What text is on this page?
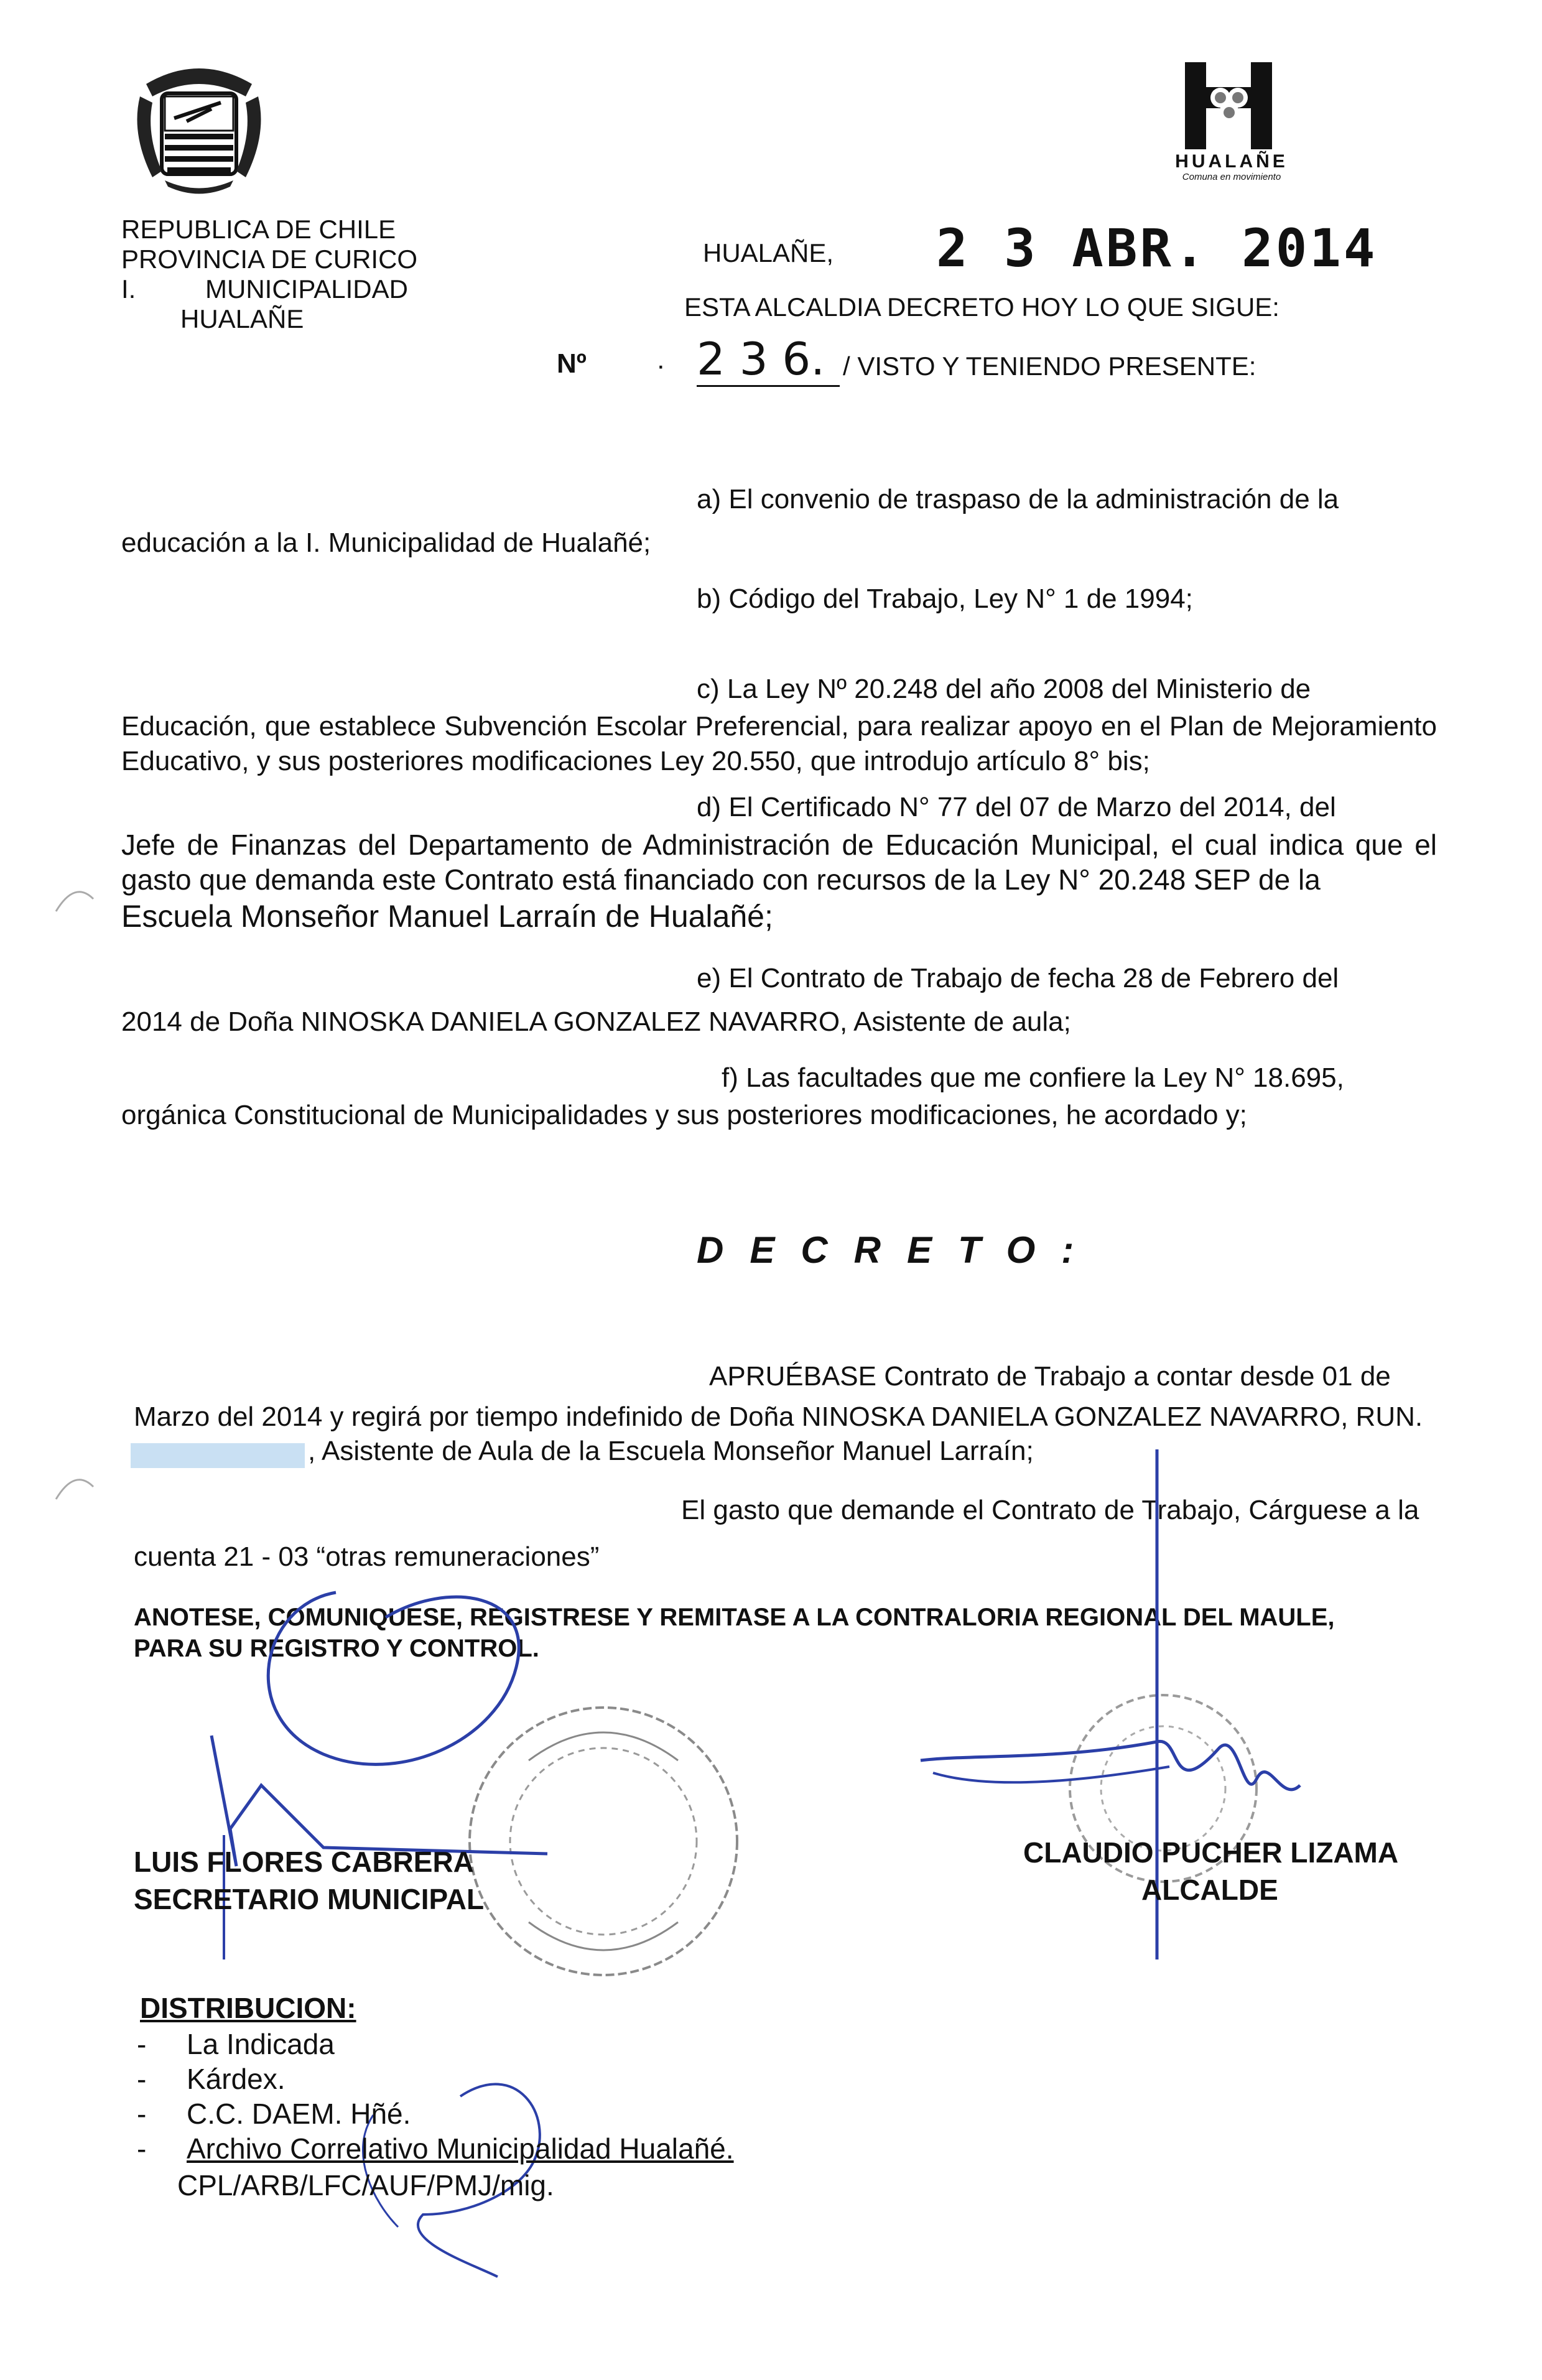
HUALAÑE
Comuna en movimiento
REPUBLICA DE CHILE
PROVINCIA DE CURICO
I.	MUNICIPALIDAD
HUALAÑE
HUALAÑE, 2 3 ABR. 2014
ESTA ALCALDIA DECRETO HOY LO QUE SIGUE:
Nº	· 2 3 6. / VISTO Y TENIENDO PRESENTE:
a) El convenio de traspaso de la administración de la
educación a la I. Municipalidad de Hualañé;
b) Código del Trabajo, Ley N° 1 de 1994;
c) La Ley Nº 20.248 del año 2008 del Ministerio de
Educación, que establece Subvención Escolar Preferencial, para realizar apoyo en el Plan de Mejoramiento Educativo, y sus posteriores modificaciones Ley 20.550, que introdujo artículo 8° bis;
d) El Certificado N° 77 del 07 de Marzo del 2014, del
Jefe de Finanzas del Departamento de Administración de Educación Municipal, el cual indica que el gasto que demanda este Contrato está financiado con recursos de la Ley N° 20.248 SEP de la
Escuela Monseñor Manuel Larraín de Hualañé;
e) El Contrato de Trabajo de fecha 28 de Febrero del
2014 de Doña NINOSKA DANIELA GONZALEZ NAVARRO, Asistente de aula;
f) Las facultades que me confiere la Ley N° 18.695,
orgánica Constitucional de Municipalidades y sus posteriores modificaciones, he acordado y;
DECRETO:
APRUÉBASE Contrato de Trabajo a contar desde 01 de
Marzo del 2014 y regirá por tiempo indefinido de Doña NINOSKA DANIELA GONZALEZ NAVARRO, RUN.
, Asistente de Aula de la Escuela Monseñor Manuel Larraín;
El gasto que demande el Contrato de Trabajo, Cárguese a la
cuenta 21 - 03 “otras remuneraciones”
ANOTESE, COMUNIQUESE, REGISTRESE Y REMITASE A LA CONTRALORIA REGIONAL DEL MAULE,
PARA SU REGISTRO Y CONTROL.
LUIS FLORES CABRERA
SECRETARIO MUNICIPAL
CLAUDIO PUCHER LIZAMA
ALCALDE
DISTRIBUCION:
- La Indicada
- Kárdex.
- C.C. DAEM. Hñé.
- Archivo Correlativo Municipalidad Hualañé.
CPL/ARB/LFC/AUF/PMJ/mig.
